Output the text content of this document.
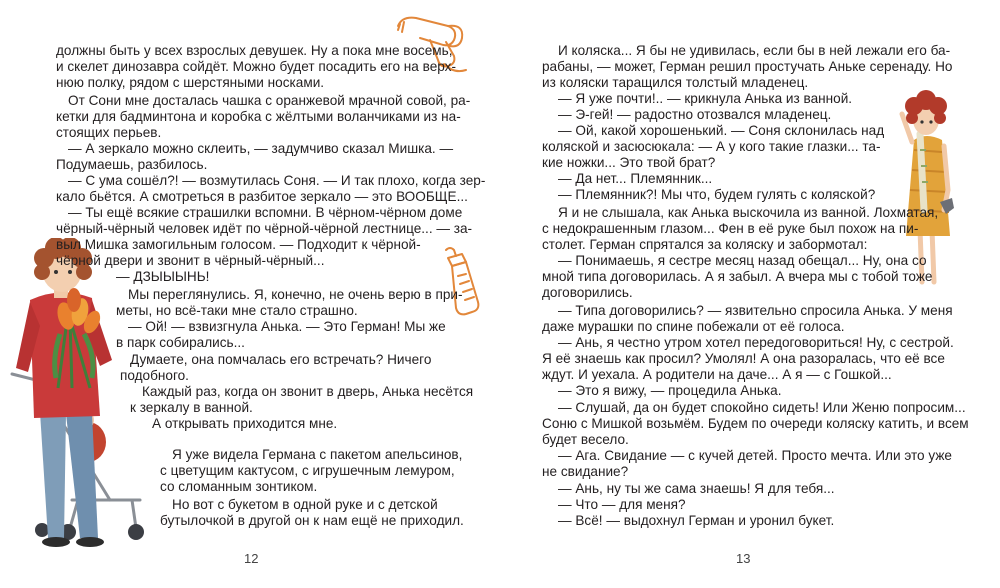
должны быть у всех взрослых девушек. Ну а пока мне восемь,

и скелет динозавра сойдёт. Можно будет посадить его на верх-

нюю полку, рядом с шерстяными носками.

От Сони мне досталась чашка с оранжевой мрачной совой, ра-

кетки для бадминтона и коробка с жёлтыми воланчиками из на-

стоящих перьев.

— А зеркало можно склеить, — задумчиво сказал Мишка. —

Подумаешь, разбилось.

— С ума сошёл?! — возмутилась Соня. — И так плохо, когда зер-

кало бьётся. А смотреться в разбитое зеркало — это ВООБЩЕ...

— Ты ещё всякие страшилки вспомни. В чёрном-чёрном доме

чёрный-чёрный человек идёт по чёрной-чёрной лестнице... — за-

выл Мишка замогильным голосом. — Подходит к чёрной-

чёрной двери и звонит в чёрный-чёрный...

— ДЗЫЫЫНЬ!

Мы переглянулись. Я, конечно, не очень верю в при-

меты, но всё-таки мне стало страшно.

— Ой! — взвизгнула Анька. — Это Герман! Мы же

в парк собирались...

Думаете, она помчалась его встречать? Ничего

подобного.

Каждый раз, когда он звонит в дверь, Анька несётся

к зеркалу в ванной.

А открывать приходится мне.

Я уже видела Германа с пакетом апельсинов,

с цветущим кактусом, с игрушечным лемуром,

со сломанным зонтиком.

Но вот с букетом в одной руке и с детской

бутылочкой в другой он к нам ещё не приходил.

12

И коляска... Я бы не удивилась, если бы в ней лежали его ба-

рабаны, — может, Герман решил простучать Аньке серенаду. Но

из коляски таращился толстый младенец.

— Я уже почти!.. — крикнула Анька из ванной.

— Э-гей! — радостно отозвался младенец.

— Ой, какой хорошенький. — Соня склонилась над

коляской и засюсюкала: — А у кого такие глазки... та-

кие ножки... Это твой брат?

— Да нет... Племянник...

— Племянник?! Мы что, будем гулять с коляской?

Я и не слышала, как Анька выскочила из ванной. Лохматая,

с недокрашенным глазом... Фен в её руке был похож на пи-

столет. Герман спрятался за коляску и забормотал:

— Понимаешь, я сестре месяц назад обещал... Ну, она со

мной типа договорилась. А я забыл. А вчера мы с тобой тоже

договорились.

— Типа договорились? — язвительно спросила Анька. У меня

даже мурашки по спине побежали от её голоса.

— Ань, я честно утром хотел передоговориться! Ну, с сестрой.

Я её знаешь как просил? Умолял! А она разоралась, что её все

ждут. И уехала. А родители на даче... А я — с Гошкой...

— Это я вижу, — процедила Анька.

— Слушай, да он будет спокойно сидеть! Или Женю попросим...

Соню с Мишкой возьмём. Будем по очереди коляску катить, и всем

будет весело.

— Ага. Свидание — с кучей детей. Просто мечта. Или это уже

не свидание?

— Ань, ну ты же сама знаешь! Я для тебя...

— Что — для меня?

— Всё! — выдохнул Герман и уронил букет.

13
